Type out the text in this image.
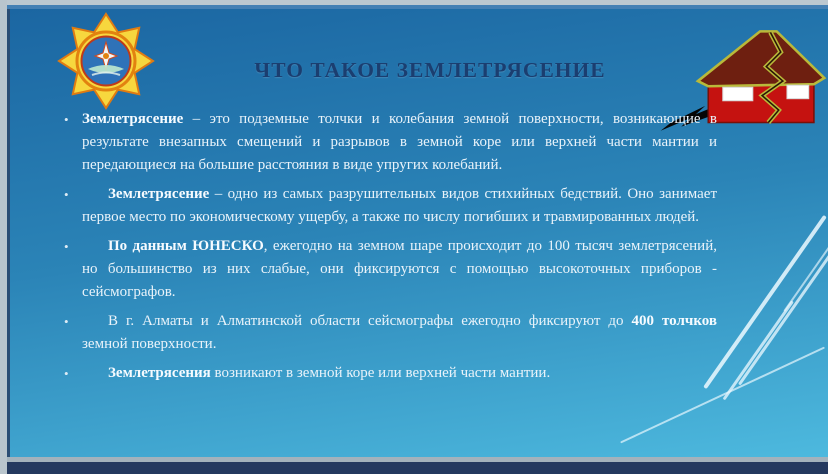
ЧТО ТАКОЕ ЗЕМЛЕТРЯСЕНИЕ
• Землетрясение – это подземные толчки и колебания земной поверхности, возникающие в результате внезапных смещений и разрывов в земной коре или верхней части мантии и передающиеся на большие расстояния в виде упругих колебаний.
•	Землетрясение – одно из самых разрушительных видов стихийных бедствий. Оно занимает первое место по экономическому ущербу, а также по числу погибших и травмированных людей.
•	По данным ЮНЕСКО, ежегодно на земном шаре происходит до 100 тысяч землетрясений, но большинство из них слабые, они фиксируются с помощью высокоточных приборов - сейсмографов.
•	В г. Алматы и Алматинской области сейсмографы ежегодно фиксируют до 400 толчков земной поверхности.
•	Землетрясения возникают в земной коре или верхней части мантии.
